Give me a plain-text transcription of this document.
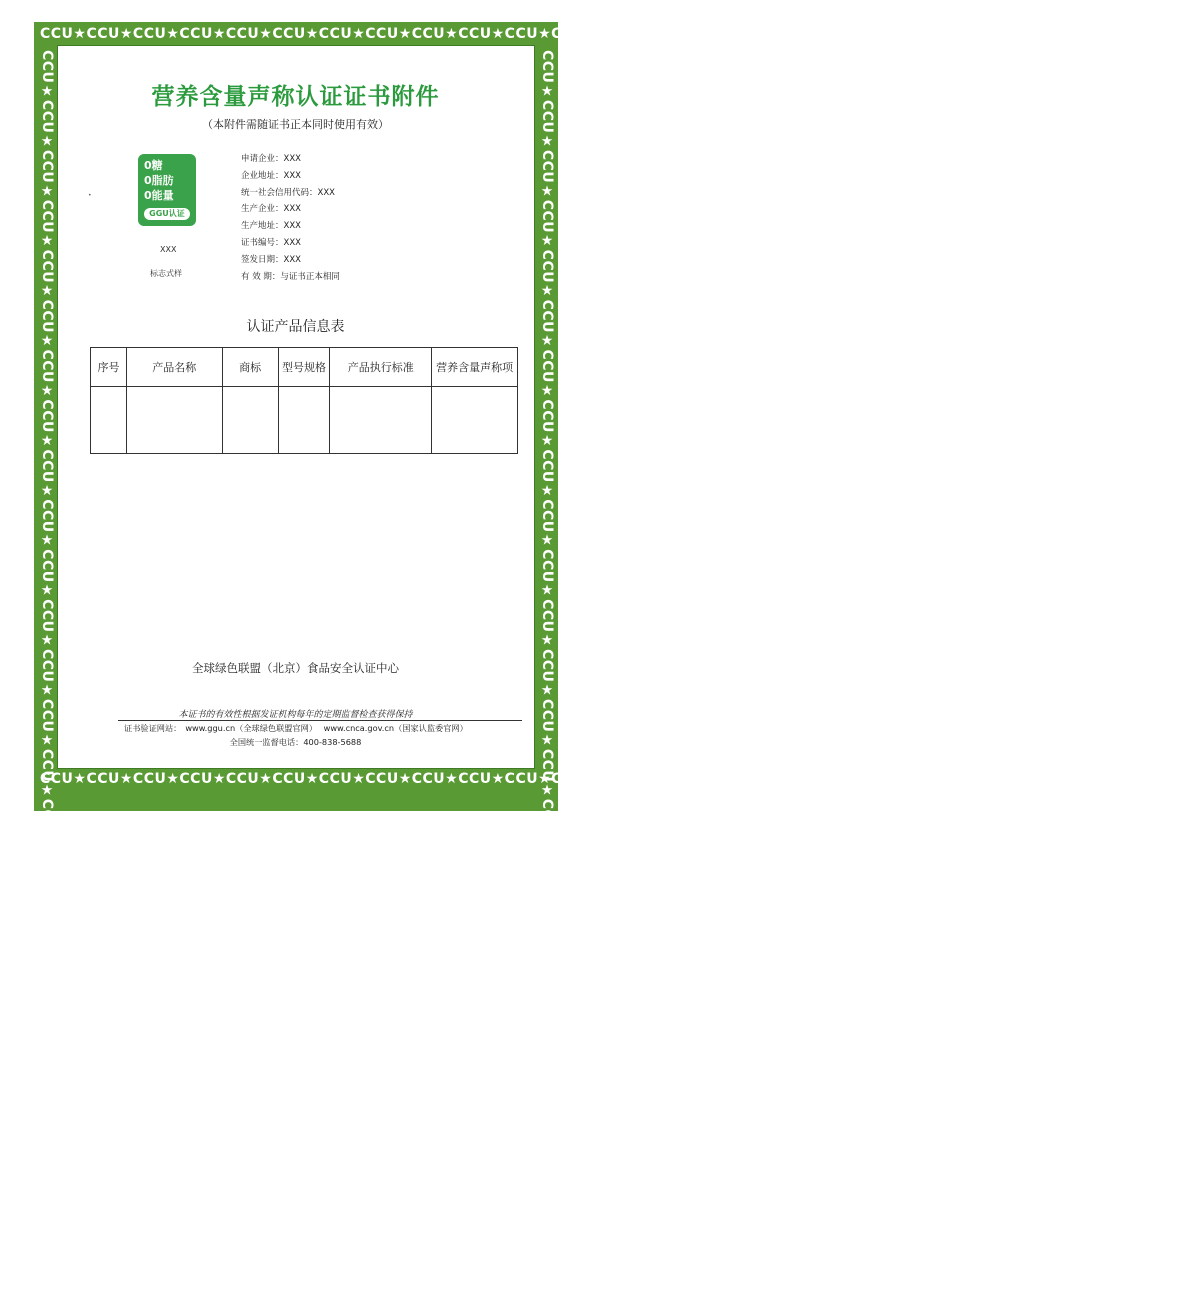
CCU★CCU★CCU★CCU★CCU★CCU★CCU★CCU★CCU★CCU★CCU★CCU★CCU★CCU★CCU★CCU★CCU★CCU★CCU★CCU★CCU★CCU★CCU★CCU★CCU★
CCU★CCU★CCU★CCU★CCU★CCU★CCU★CCU★CCU★CCU★CCU★CCU★CCU★CCU★CCU★CCU★CCU★CCU★CCU★CCU★CCU★CCU★CCU★CCU★CCU★
CCU★CCU★CCU★CCU★CCU★CCU★CCU★CCU★CCU★CCU★CCU★CCU★CCU★CCU★CCU★CCU★CCU★CCU★CCU★CCU★CCU★CCU★CCU★CCU★CCU★	CCU★CCU★CCU★CCU★CCU★CCU★CCU★CCU★CCU★CCU★CCU★CCU★CCU★CCU★CCU★CCU★CCU★CCU★CCU★CCU★CCU★CCU★CCU★CCU★CCU★
营养含量声称认证证书附件
（本附件需随证书正本同时使用有效）
•
0糖
0脂肪
0能量
GGU认证
XXX
标志式样
申请企业：XXX
企业地址：XXX
统一社会信用代码：XXX
生产企业：XXX
生产地址：XXX
证书编号：XXX
签发日期：XXX
有 效 期：与证书正本相同
认证产品信息表
序号	产品名称	商标	型号规格	产品执行标准	营养含量声称项

全球绿色联盟（北京）食品安全认证中心
本证书的有效性根据发证机构每年的定期监督检查获得保持
证书验证网站： www.ggu.cn（全球绿色联盟官网） www.cnca.gov.cn（国家认监委官网）
全国统一监督电话：400-838-5688
